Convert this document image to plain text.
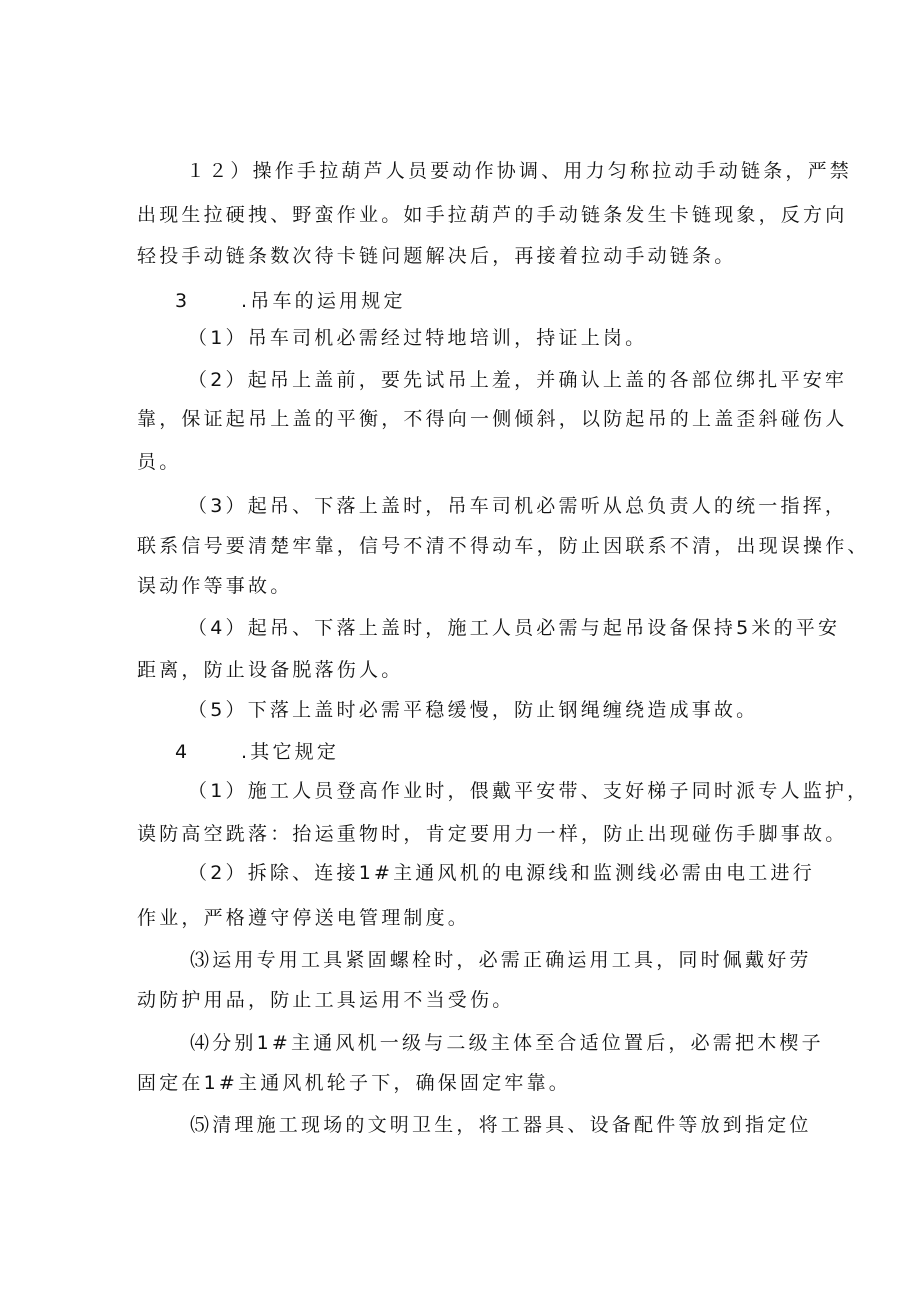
１２）操作手拉葫芦人员要动作协调、用力匀称拉动手动链条，严禁
出现生拉硬拽、野蛮作业。如手拉葫芦的手动链条发生卡链现象，反方向
轻投手动链条数次待卡链问题解决后，再接着拉动手动链条。
3	.吊车的运用规定
（1）吊车司机必需经过特地培训，持证上岗。
（2）起吊上盖前，要先试吊上羞，并确认上盖的各部位绑扎平安牢
靠，保证起吊上盖的平衡，不得向一侧倾斜，以防起吊的上盖歪斜碰伤人
员。
（3）起吊、下落上盖时，吊车司机必需听从总负责人的统一指挥，
联系信号要清楚牢靠，信号不清不得动车，防止因联系不清，出现误操作、
误动作等事故。
（4）起吊、下落上盖时，施工人员必需与起吊设备保持5米的平安
距离，防止设备脱落伤人。
（5）下落上盖时必需平稳缓慢，防止钢绳缠绕造成事故。
4	.其它规定
（1）施工人员登高作业时，偎戴平安带、支好梯子同时派专人监护，
谟防高空跣落：抬运重物时，肯定要用力一样，防止出现碰伤手脚事故。
（2）拆除、连接1#主通风机的电源线和监测线必需由电工进行
作业，严格遵守停送电管理制度。
⑶运用专用工具紧固螺栓时，必需正确运用工具，同时佩戴好劳
动防护用品，防止工具运用不当受伤。
⑷分别1#主通风机一级与二级主体至合适位置后，必需把木楔子
固定在1#主通风机轮子下，确保固定牢靠。
⑸清理施工现场的文明卫生，将工器具、设备配件等放到指定位
